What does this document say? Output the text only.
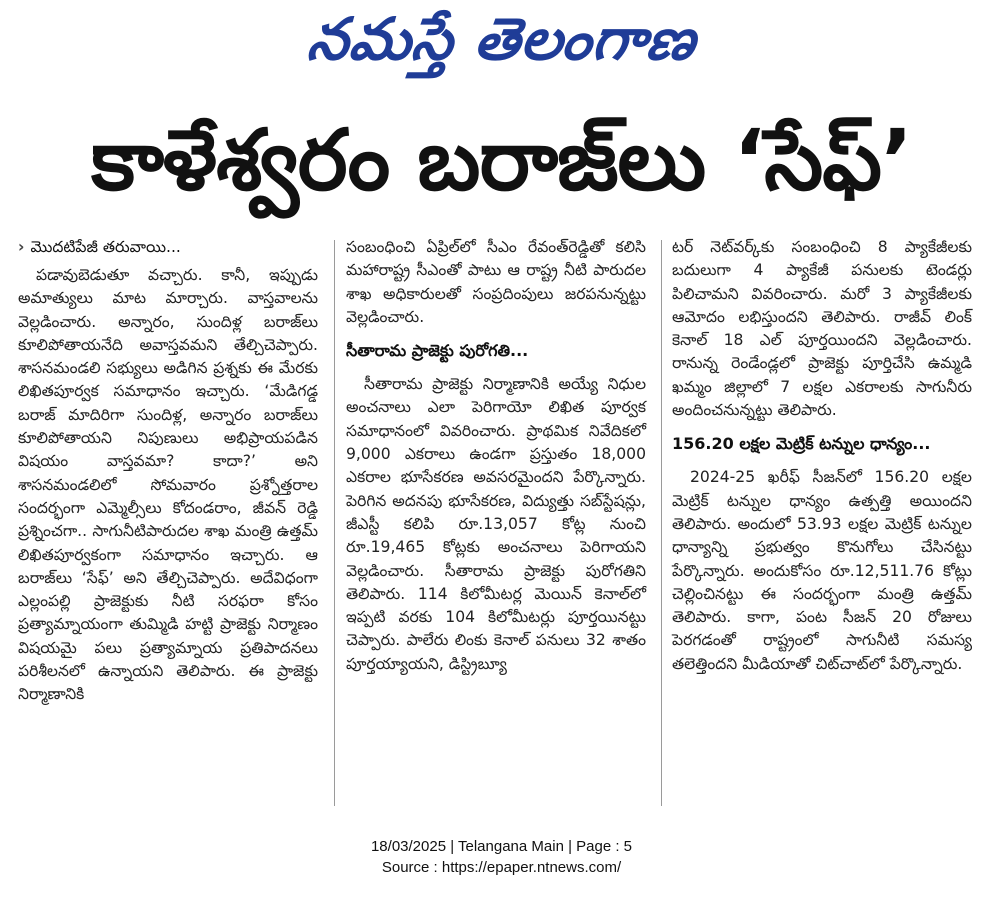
నమస్తే తెలంగాణ
కాళేశ్వరం బరాజ్‌లు ‘సేఫ్‌’

› మొదటిపేజీ తరువాయి...

పడావుబెడుతూ వచ్చారు. కానీ, ఇప్పుడు అమాత్యులు మాట మార్చారు. వాస్తవాలను వెల్లడించారు. అన్నారం, సుందిళ్ల బరాజ్‌లు కూలిపోతాయనేది అవాస్తవమని తేల్చిచెప్పారు. శాసనమండలి సభ్యులు అడిగిన ప్రశ్నకు ఈ మేరకు లిఖితపూర్వక సమాధానం ఇచ్చారు. ‘మేడిగడ్డ బరాజ్‌ మాదిరిగా సుందిళ్ల, అన్నారం బరాజ్‌లు కూలిపోతాయని నిపుణులు అభిప్రాయపడిన విషయం వాస్తవమా? కాదా?’ అని శాసనమండలిలో సోమవారం ప్రశ్నోత్తరాల సందర్భంగా ఎమ్మెల్సీలు కోదండరాం, జీవన్‌ రెడ్డి ప్రశ్నించగా.. సాగునీటిపారుదల శాఖ మంత్రి ఉత్తమ్‌ లిఖితపూర్వకంగా సమాధానం ఇచ్చారు. ఆ బరాజ్‌లు ‘సేఫ్‌’ అని తేల్చిచెప్పారు. అదేవిధంగా ఎల్లంపల్లి ప్రాజెక్టుకు నీటి సరఫరా కోసం ప్రత్యామ్నాయంగా తుమ్మిడి హట్టి ప్రాజెక్టు నిర్మాణం విషయమై పలు ప్రత్యామ్నాయ ప్రతిపాదనలు పరిశీలనలో ఉన్నాయని తెలిపారు. ఈ ప్రాజెక్టు నిర్మాణానికి

సంబంధించి ఏప్రిల్‌లో సీఎం రేవంత్‌రెడ్డితో కలిసి మహారాష్ట్ర సీఎంతో పాటు ఆ రాష్ట్ర నీటి పారుదల శాఖ అధికారులతో సంప్రదింపులు జరపనున్నట్టు వెల్లడించారు.

సీతారామ ప్రాజెక్టు పురోగతి...

సీతారామ ప్రాజెక్టు నిర్మాణానికి అయ్యే నిధుల అంచనాలు ఎలా పెరిగాయో లిఖిత పూర్వక సమాధానంలో వివరించారు. ప్రాథమిక నివేదికలో 9,000 ఎకరాలు ఉండగా ప్రస్తుతం 18,000 ఎకరాల భూసేకరణ అవసరమైందని పేర్కొన్నారు. పెరిగిన అదనపు భూసేకరణ, విద్యుత్తు సబ్‌స్టేషన్లు, జీఎస్టీ కలిపి రూ.13,057 కోట్ల నుంచి రూ.19,465 కోట్లకు అంచనాలు పెరిగాయని వెల్లడించారు. సీతారామ ప్రాజెక్టు పురోగతిని తెలిపారు. 114 కిలోమీటర్ల మెయిన్‌ కెనాల్‌లో ఇప్పటి వరకు 104 కిలోమీటర్లు పూర్తయినట్టు చెప్పారు. పాలేరు లింకు కెనాల్‌ పనులు 32 శాతం పూర్తయ్యాయని, డిస్ట్రిబ్యూ

టర్‌ నెట్‌వర్క్‌కు సంబంధించి 8 ప్యాకేజీలకు బదులుగా 4 ప్యాకేజీ పనులకు టెండర్లు పిలిచామని వివరించారు. మరో 3 ప్యాకేజీలకు ఆమోదం లభిస్తుందని తెలిపారు. రాజీవ్‌ లింక్‌ కెనాల్‌ 18 ఎల్‌ పూర్తయిందని వెల్లడించారు. రానున్న రెండేండ్లలో ప్రాజెక్టు పూర్తిచేసి ఉమ్మడి ఖమ్మం జిల్లాలో 7 లక్షల ఎకరాలకు సాగునీరు అందించనున్నట్టు తెలిపారు.

156.20 లక్షల మెట్రిక్‌ టన్నుల ధాన్యం...

2024-25 ఖరీఫ్‌ సీజన్‌లో 156.20 లక్షల మెట్రిక్‌ టన్నుల ధాన్యం ఉత్పత్తి అయిందని తెలిపారు. అందులో 53.93 లక్షల మెట్రిక్‌ టన్నుల ధాన్యాన్ని ప్రభుత్వం కొనుగోలు చేసినట్టు పేర్కొన్నారు. అందుకోసం రూ.12,511.76 కోట్లు చెల్లించినట్టు ఈ సందర్భంగా మంత్రి ఉత్తమ్‌ తెలిపారు. కాగా, పంట సీజన్‌ 20 రోజులు పెరగడంతో రాష్ట్రంలో సాగునీటి సమస్య తలెత్తిందని మీడియాతో చిట్‌చాట్‌లో పేర్కొన్నారు.

18/03/2025 | Telangana Main | Page : 5
Source : https://epaper.ntnews.com/
